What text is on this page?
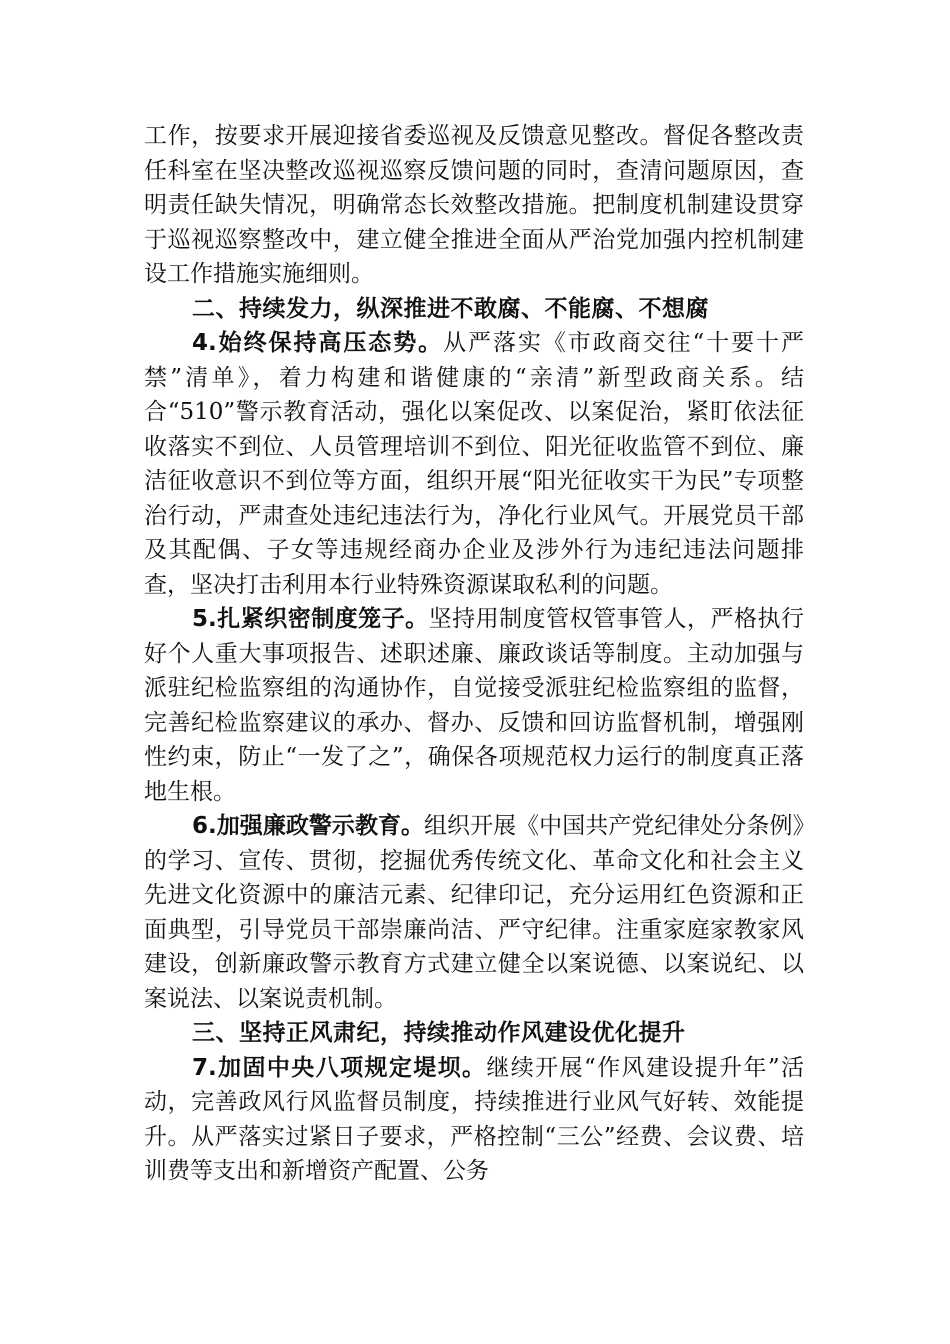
工作，按要求开展迎接省委巡视及反馈意见整改。督促各整改责任科室在坚决整改巡视巡察反馈问题的同时，查清问题原因，查明责任缺失情况，明确常态长效整改措施。把制度机制建设贯穿于巡视巡察整改中，建立健全推进全面从严治党加强内控机制建设工作措施实施细则。

二、持续发力，纵深推进不敢腐、不能腐、不想腐

4.始终保持高压态势。从严落实《市政商交往“十要十严禁”清单》，着力构建和谐健康的“亲清”新型政商关系。结合“510”警示教育活动，强化以案促改、以案促治，紧盯依法征收落实不到位、人员管理培训不到位、阳光征收监管不到位、廉洁征收意识不到位等方面，组织开展“阳光征收实干为民”专项整治行动，严肃查处违纪违法行为，净化行业风气。开展党员干部及其配偶、子女等违规经商办企业及涉外行为违纪违法问题排查，坚决打击利用本行业特殊资源谋取私利的问题。

5.扎紧织密制度笼子。坚持用制度管权管事管人，严格执行好个人重大事项报告、述职述廉、廉政谈话等制度。主动加强与派驻纪检监察组的沟通协作，自觉接受派驻纪检监察组的监督，完善纪检监察建议的承办、督办、反馈和回访监督机制，增强刚性约束，防止“一发了之”，确保各项规范权力运行的制度真正落地生根。

6.加强廉政警示教育。组织开展《中国共产党纪律处分条例》的学习、宣传、贯彻，挖掘优秀传统文化、革命文化和社会主义先进文化资源中的廉洁元素、纪律印记，充分运用红色资源和正面典型，引导党员干部崇廉尚洁、严守纪律。注重家庭家教家风建设，创新廉政警示教育方式建立健全以案说德、以案说纪、以案说法、以案说责机制。

三、坚持正风肃纪，持续推动作风建设优化提升

7.加固中央八项规定堤坝。继续开展“作风建设提升年”活动，完善政风行风监督员制度，持续推进行业风气好转、效能提升。从严落实过紧日子要求，严格控制“三公”经费、会议费、培训费等支出和新增资产配置、公务
